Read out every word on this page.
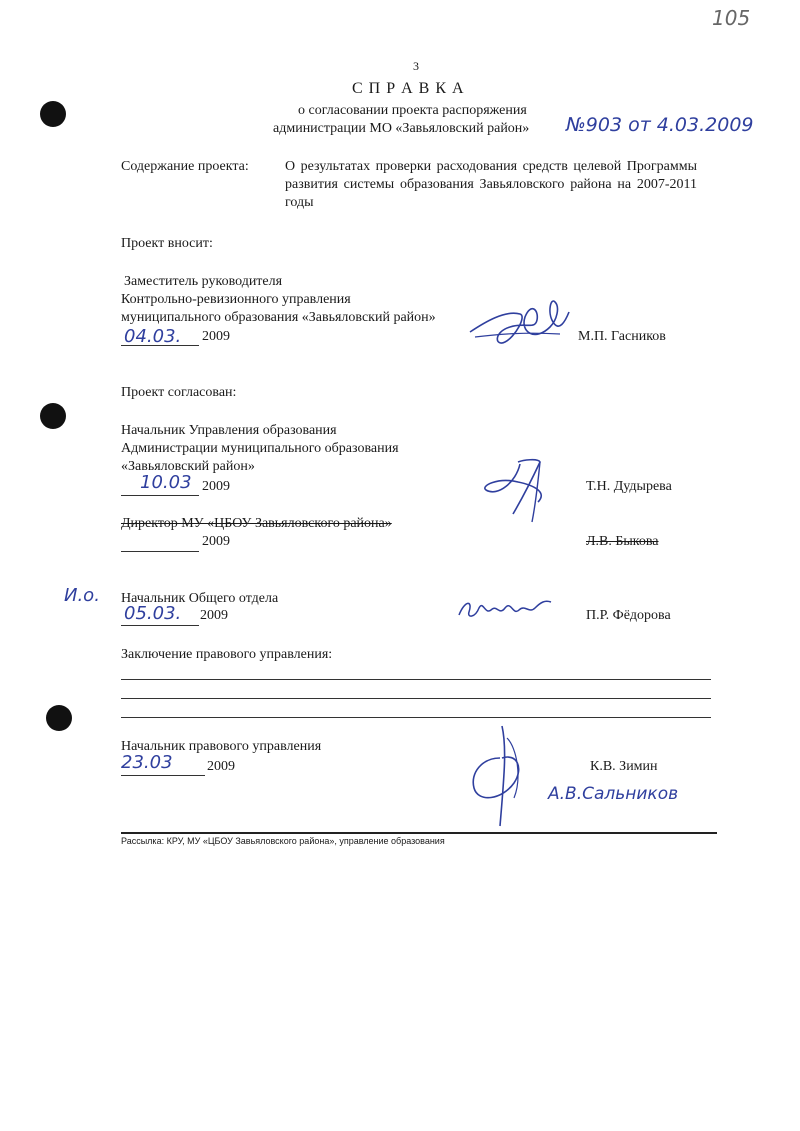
105
3
С П Р А В К А
о согласовании проекта распоряжения
администрации МО «Завьяловский район» №903 от 4.03.2009
Содержание проекта:	О результатах проверки расходования средств целевой Программы развития системы образования Завьяловского района на 2007-2011 годы
Проект вносит:
Заместитель руководителя
Контрольно-ревизионного управления
муниципального образования «Завьяловский район»
04.03. 2009	М.П. Гасников
Проект согласован:
Начальник Управления образования
Администрации муниципального образования
«Завьяловский район»
10.03 2009	Т.Н. Дудырева
Директор МУ «ЦБОУ Завьяловского района»
2009	Л.В. Быкова
И.о. Начальник Общего отдела
05.03. 2009	П.Р. Фёдорова
Заключение правового управления:
Начальник правового управления
23.03 2009
А.В.Сальников
К.В. Зимин
Рассылка: КРУ, МУ «ЦБОУ Завьяловского района», управление образования
